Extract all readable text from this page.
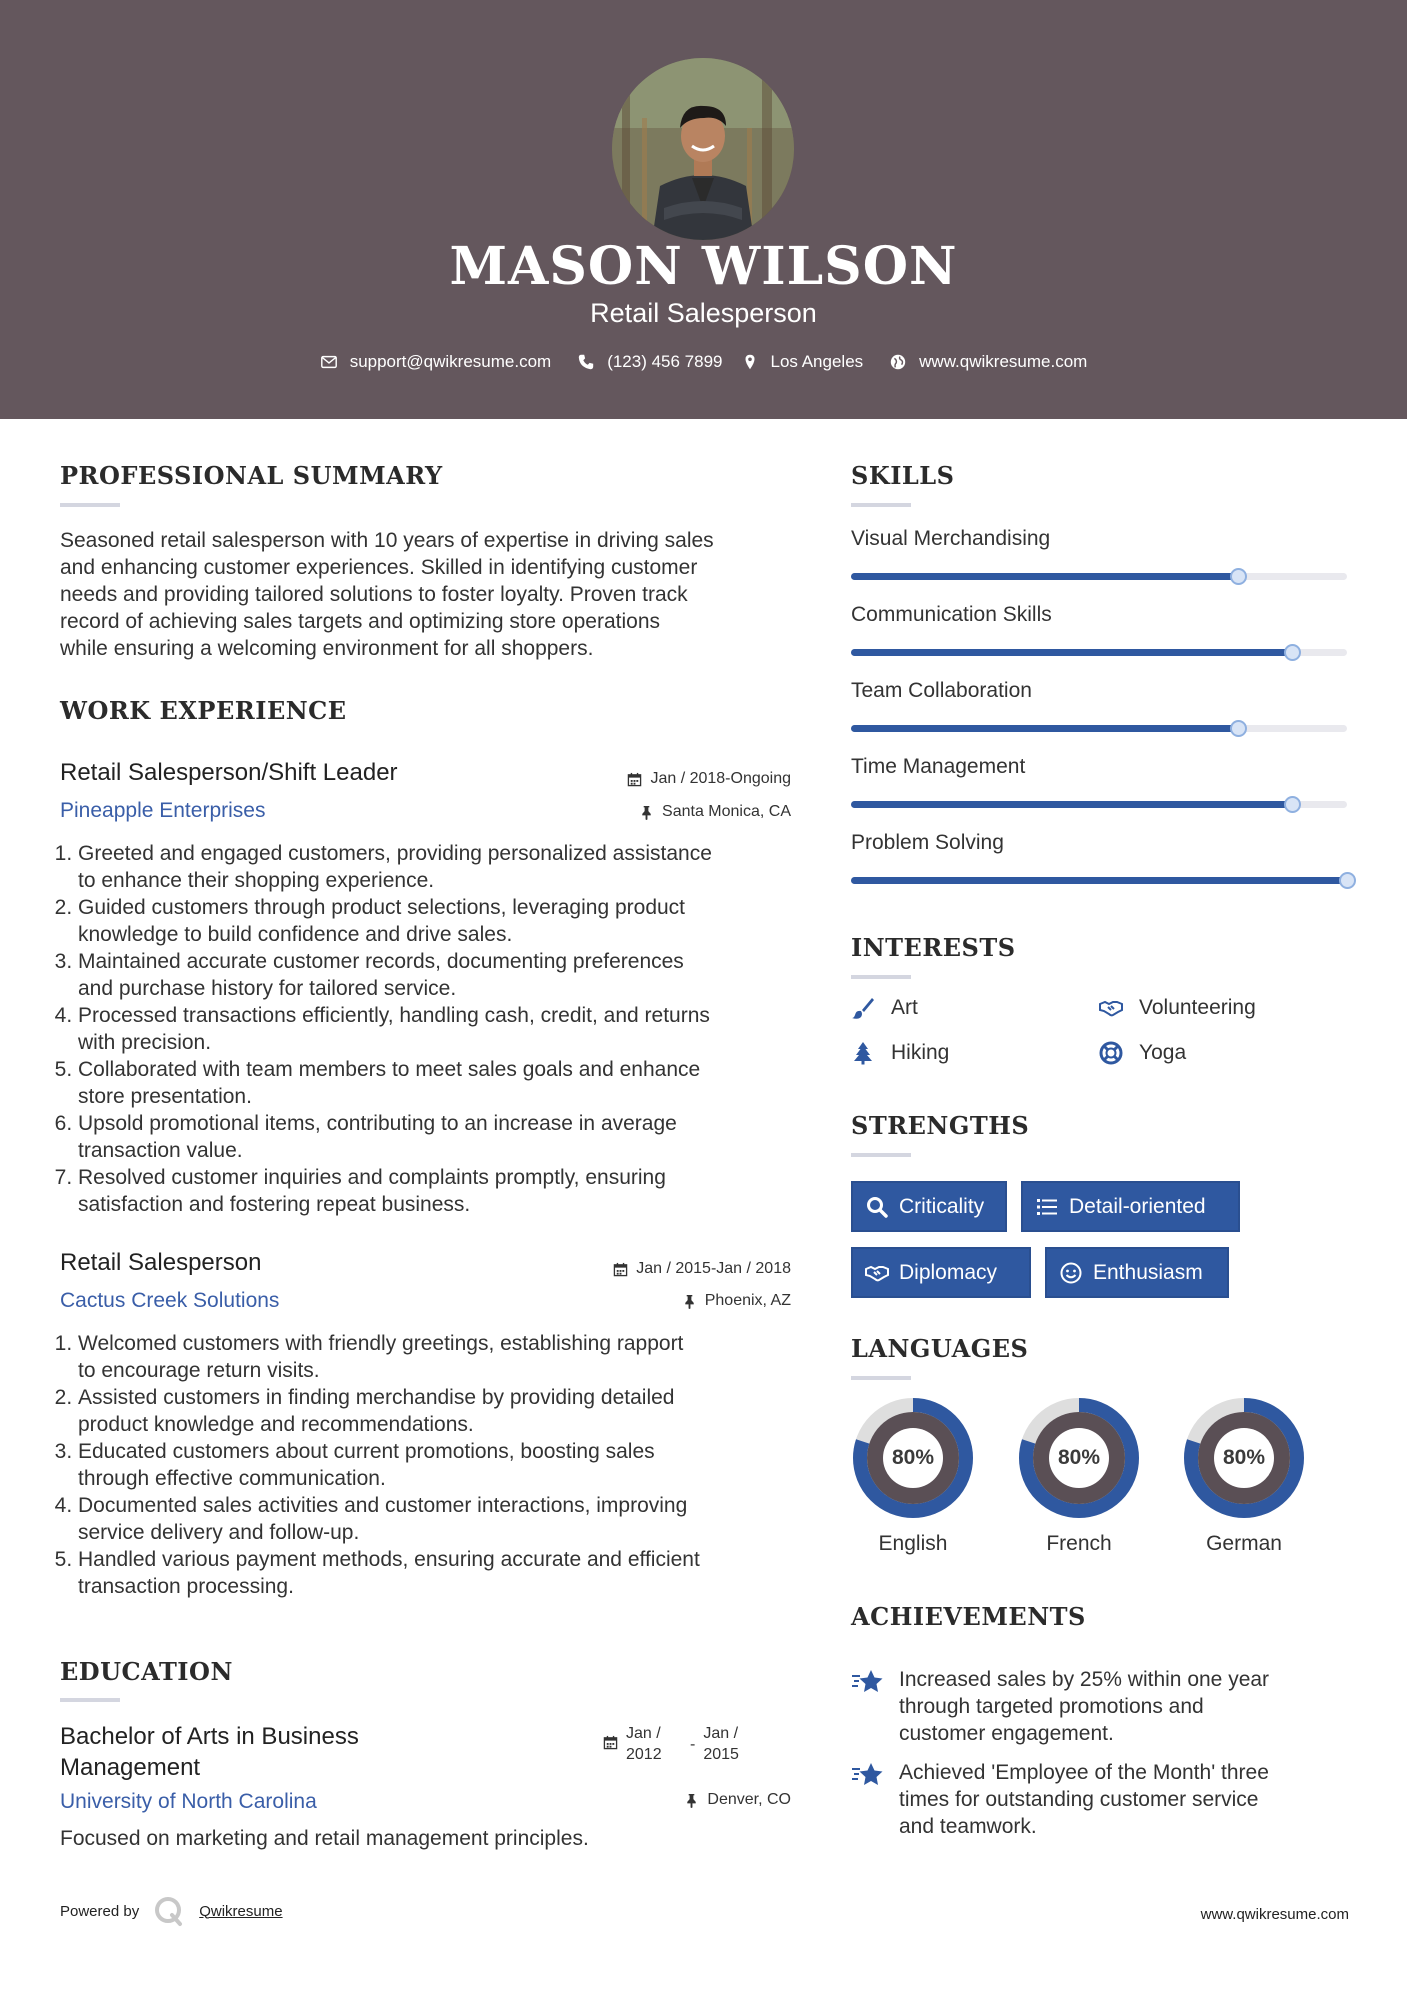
MASON WILSON
Retail Salesperson
support@qwikresume.com	(123) 456 7899	Los Angeles	www.qwikresume.com
PROFESSIONAL SUMMARY
Seasoned retail salesperson with 10 years of expertise in driving sales
and enhancing customer experiences. Skilled in identifying customer
needs and providing tailored solutions to foster loyalty. Proven track
record of achieving sales targets and optimizing store operations
while ensuring a welcoming environment for all shoppers.
WORK EXPERIENCE
Retail Salesperson/Shift Leader	Jan / 2018-Ongoing
Pineapple Enterprises	Santa Monica, CA
1. Greeted and engaged customers, providing personalized assistance
to enhance their shopping experience.
2. Guided customers through product selections, leveraging product
knowledge to build confidence and drive sales.
3. Maintained accurate customer records, documenting preferences
and purchase history for tailored service.
4. Processed transactions efficiently, handling cash, credit, and returns
with precision.
5. Collaborated with team members to meet sales goals and enhance
store presentation.
6. Upsold promotional items, contributing to an increase in average
transaction value.
7. Resolved customer inquiries and complaints promptly, ensuring
satisfaction and fostering repeat business.
Retail Salesperson	Jan / 2015-Jan / 2018
Cactus Creek Solutions	Phoenix, AZ
1. Welcomed customers with friendly greetings, establishing rapport
to encourage return visits.
2. Assisted customers in finding merchandise by providing detailed
product knowledge and recommendations.
3. Educated customers about current promotions, boosting sales
through effective communication.
4. Documented sales activities and customer interactions, improving
service delivery and follow-up.
5. Handled various payment methods, ensuring accurate and efficient
transaction processing.
EDUCATION
Bachelor of Arts in Business
Management
Jan /
2012
-
Jan /
2015
University of North Carolina	Denver, CO
Focused on marketing and retail management principles.
SKILLS
Visual Merchandising
Communication Skills
Team Collaboration
Time Management
Problem Solving
INTERESTS
Art	Volunteering
Hiking	Yoga
STRENGTHS
Criticality	Detail-oriented
Diplomacy	Enthusiasm
LANGUAGES
80%
English
80%
French
80%
German
ACHIEVEMENTS
Increased sales by 25% within one year
through targeted promotions and
customer engagement.
Achieved 'Employee of the Month' three
times for outstanding customer service
and teamwork.
Powered by	Qwikresume	www.qwikresume.com
